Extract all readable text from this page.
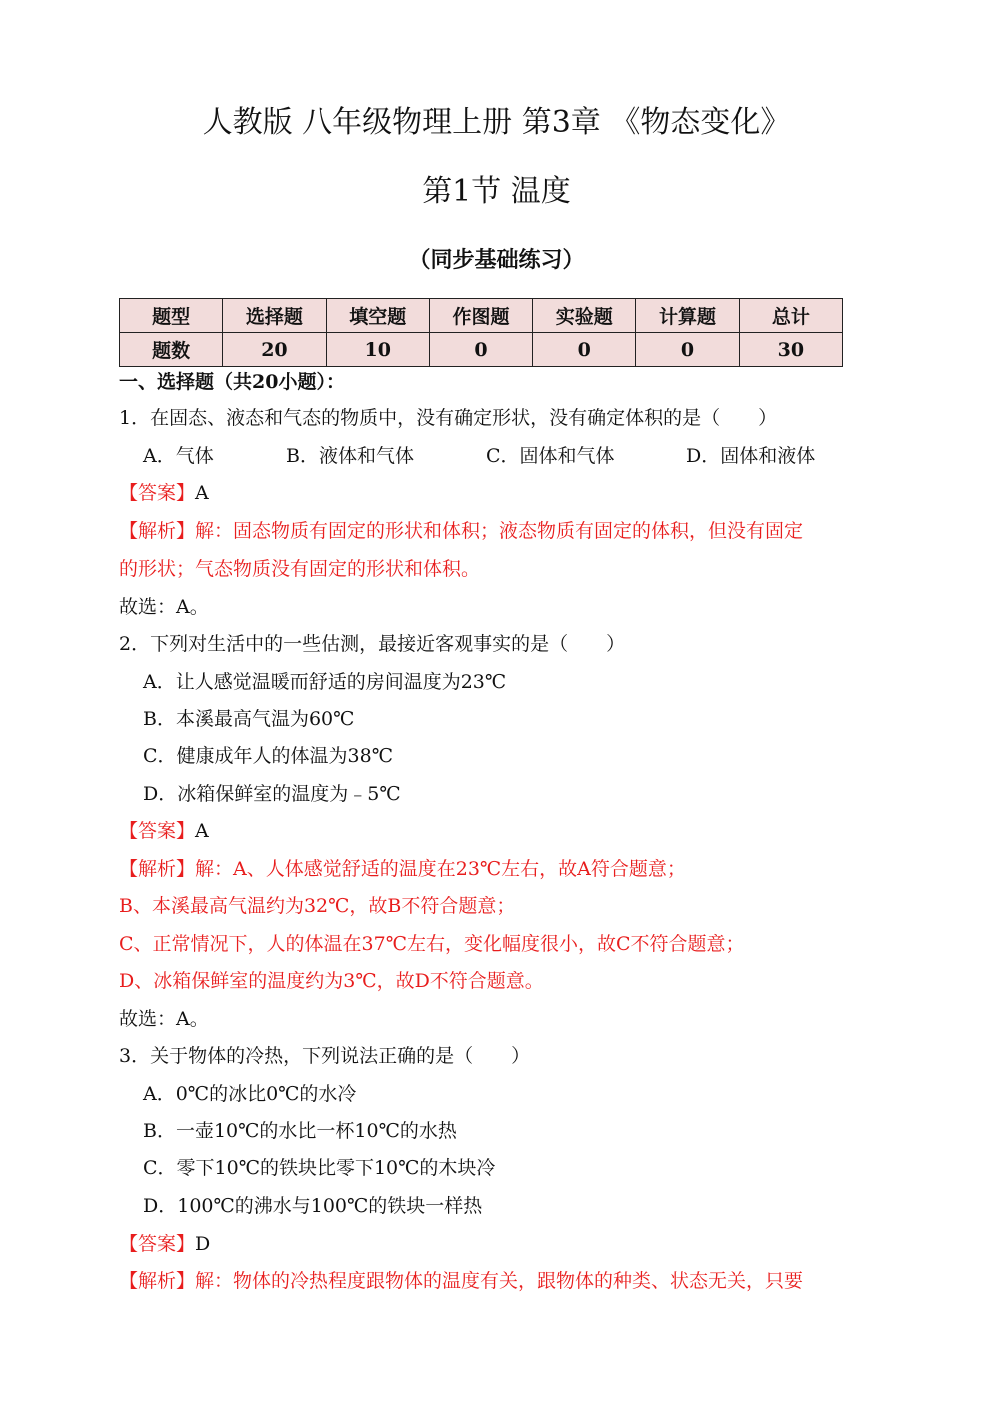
人教版 八年级物理上册 第3章 《物态变化》
第1节 温度
（同步基础练习）
题型	选择题	填空题	作图题	实验题	计算题	总计
题数	20	10	0	0	0	30
一、选择题（共20小题）：
1．在固态、液态和气态的物质中，没有确定形状，没有确定体积的是（　　）
A．气体	B．液体和气体	C．固体和气体	D．固体和液体
【答案】A
【解析】解：固态物质有固定的形状和体积；液态物质有固定的体积，但没有固定
的形状；气态物质没有固定的形状和体积。
故选：A。
2．下列对生活中的一些估测，最接近客观事实的是（　　）
A．让人感觉温暖而舒适的房间温度为23℃
B．本溪最高气温为60℃
C．健康成年人的体温为38℃
D．冰箱保鲜室的温度为﹣5℃
【答案】A
【解析】解：A、人体感觉舒适的温度在23℃左右，故A符合题意；
B、本溪最高气温约为32℃，故B不符合题意；
C、正常情况下，人的体温在37℃左右，变化幅度很小，故C不符合题意；
D、冰箱保鲜室的温度约为3℃，故D不符合题意。
故选：A。
3．关于物体的冷热，下列说法正确的是（　　）
A．0℃的冰比0℃的水冷
B．一壶10℃的水比一杯10℃的水热
C．零下10℃的铁块比零下10℃的木块冷
D．100℃的沸水与100℃的铁块一样热
【答案】D
【解析】解：物体的冷热程度跟物体的温度有关，跟物体的种类、状态无关，只要
